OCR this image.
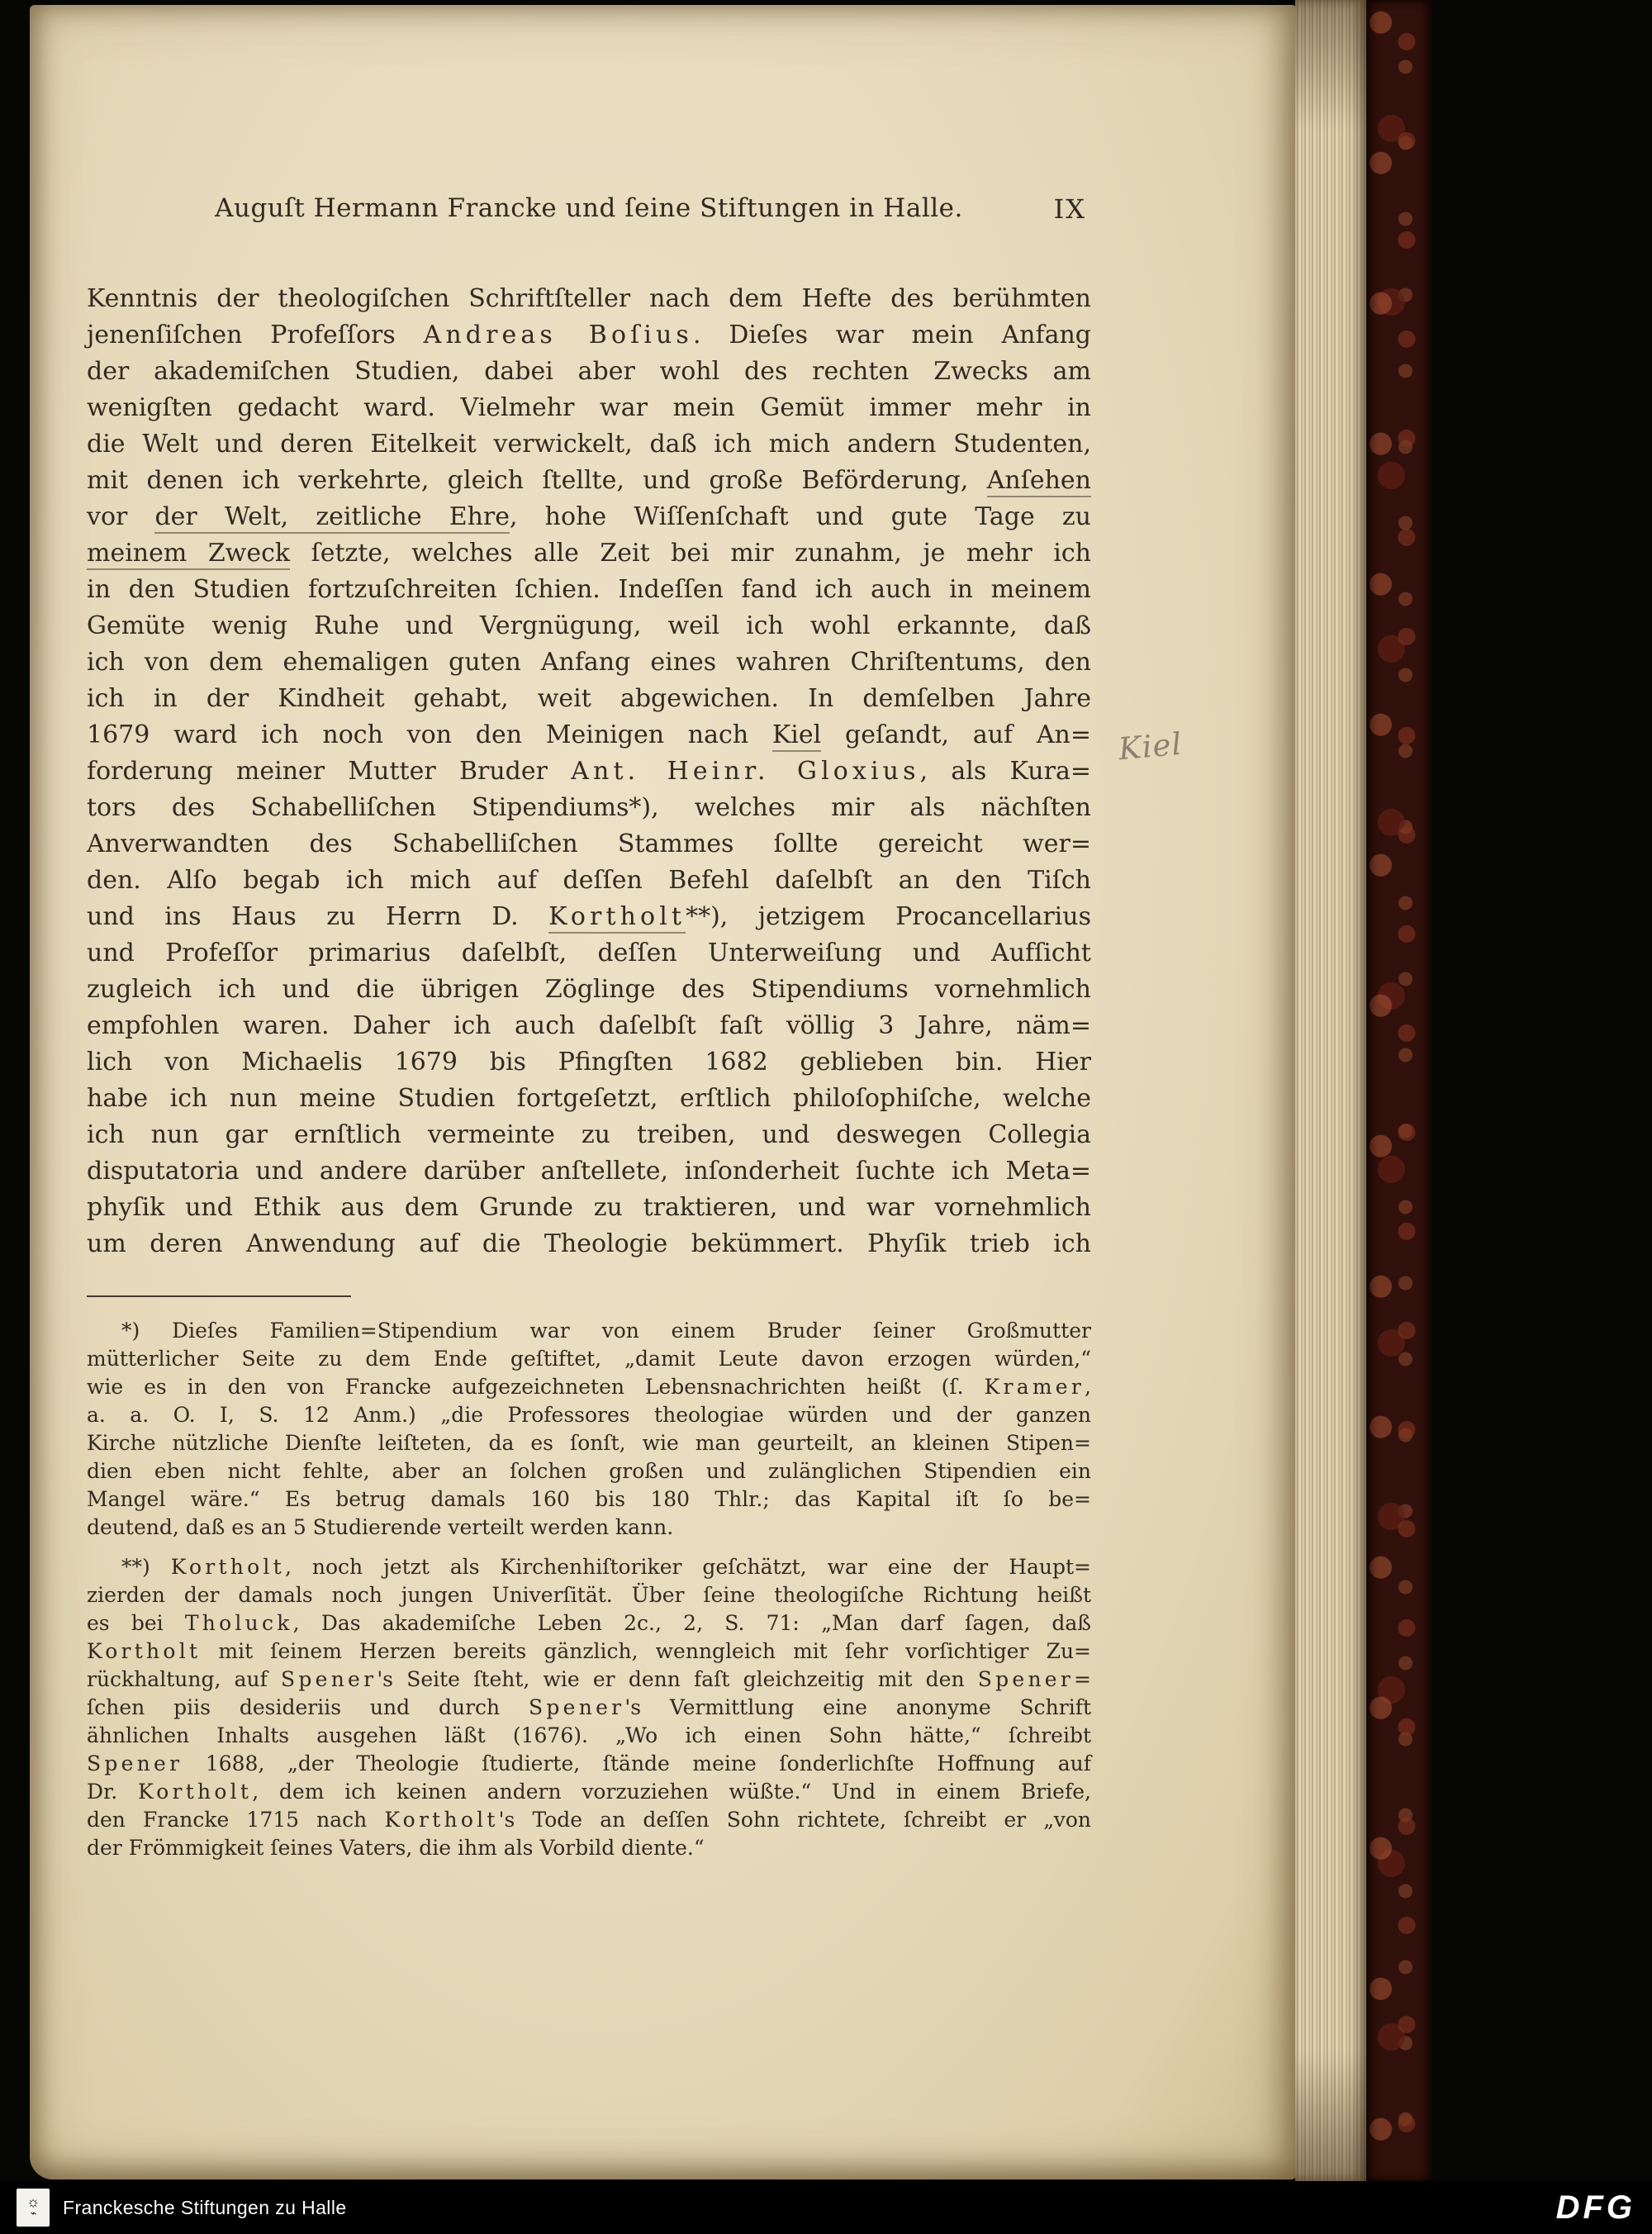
Auguſt Hermann Francke und ſeine Stiftungen in Halle.	IX
Kenntnis der theologiſchen Schriftſteller nach dem Hefte des berühmten
jenenſiſchen Profeſſors Andreas Boſius. Dieſes war mein Anfang
der akademiſchen Studien, dabei aber wohl des rechten Zwecks am
wenigſten gedacht ward. Vielmehr war mein Gemüt immer mehr in
die Welt und deren Eitelkeit verwickelt, daß ich mich andern Studenten,
mit denen ich verkehrte, gleich ſtellte, und große Beförderung, Anſehen
vor der Welt, zeitliche Ehre, hohe Wiſſenſchaft und gute Tage zu
meinem Zweck ſetzte, welches alle Zeit bei mir zunahm, je mehr ich
in den Studien fortzuſchreiten ſchien. Indeſſen fand ich auch in meinem
Gemüte wenig Ruhe und Vergnügung, weil ich wohl erkannte, daß
ich von dem ehemaligen guten Anfang eines wahren Chriſtentums, den
ich in der Kindheit gehabt, weit abgewichen. In demſelben Jahre
1679 ward ich noch von den Meinigen nach Kiel geſandt, auf An=
forderung meiner Mutter Bruder Ant. Heinr. Gloxius, als Kura=
tors des Schabelliſchen Stipendiums*), welches mir als nächſten
Anverwandten des Schabelliſchen Stammes ſollte gereicht wer=
den. Alſo begab ich mich auf deſſen Befehl daſelbſt an den Tiſch
und ins Haus zu Herrn D. Kortholt**), jetzigem Procancellarius
und Profeſſor primarius daſelbſt, deſſen Unterweiſung und Aufſicht
zugleich ich und die übrigen Zöglinge des Stipendiums vornehmlich
empfohlen waren. Daher ich auch daſelbſt faſt völlig 3 Jahre, näm=
lich von Michaelis 1679 bis Pfingſten 1682 geblieben bin. Hier
habe ich nun meine Studien fortgeſetzt, erſtlich philoſophiſche, welche
ich nun gar ernſtlich vermeinte zu treiben, und deswegen Collegia
disputatoria und andere darüber anſtellete, inſonderheit ſuchte ich Meta=
phyſik und Ethik aus dem Grunde zu traktieren, und war vornehmlich
um deren Anwendung auf die Theologie bekümmert. Phyſik trieb ich
*) Dieſes Familien=Stipendium war von einem Bruder ſeiner Großmutter
mütterlicher Seite zu dem Ende geſtiftet, „damit Leute davon erzogen würden,“
wie es in den von Francke aufgezeichneten Lebensnachrichten heißt (ſ. Kramer,
a. a. O. I, S. 12 Anm.) „die Professores theologiae würden und der ganzen
Kirche nützliche Dienſte leiſteten, da es ſonſt, wie man geurteilt, an kleinen Stipen=
dien eben nicht fehlte, aber an ſolchen großen und zulänglichen Stipendien ein
Mangel wäre.“ Es betrug damals 160 bis 180 Thlr.; das Kapital iſt ſo be=
deutend, daß es an 5 Studierende verteilt werden kann.
**) Kortholt, noch jetzt als Kirchenhiſtoriker geſchätzt, war eine der Haupt=
zierden der damals noch jungen Univerſität. Über ſeine theologiſche Richtung heißt
es bei Tholuck, Das akademiſche Leben 2c., 2, S. 71: „Man darf ſagen, daß
Kortholt mit ſeinem Herzen bereits gänzlich, wenngleich mit ſehr vorſichtiger Zu=
rückhaltung, auf Spener's Seite ſteht, wie er denn faſt gleichzeitig mit den Spener=
ſchen piis desideriis und durch Spener's Vermittlung eine anonyme Schrift
ähnlichen Inhalts ausgehen läßt (1676). „Wo ich einen Sohn hätte,“ ſchreibt
Spener 1688, „der Theologie ſtudierte, ſtände meine ſonderlichſte Hoffnung auf
Dr. Kortholt, dem ich keinen andern vorzuziehen wüßte.“ Und in einem Briefe,
den Francke 1715 nach Kortholt's Tode an deſſen Sohn richtete, ſchreibt er „von
der Frömmigkeit ſeines Vaters, die ihm als Vorbild diente.“
Kiel
☼
⌁ Franckesche Stiftungen zu Halle	DFG
